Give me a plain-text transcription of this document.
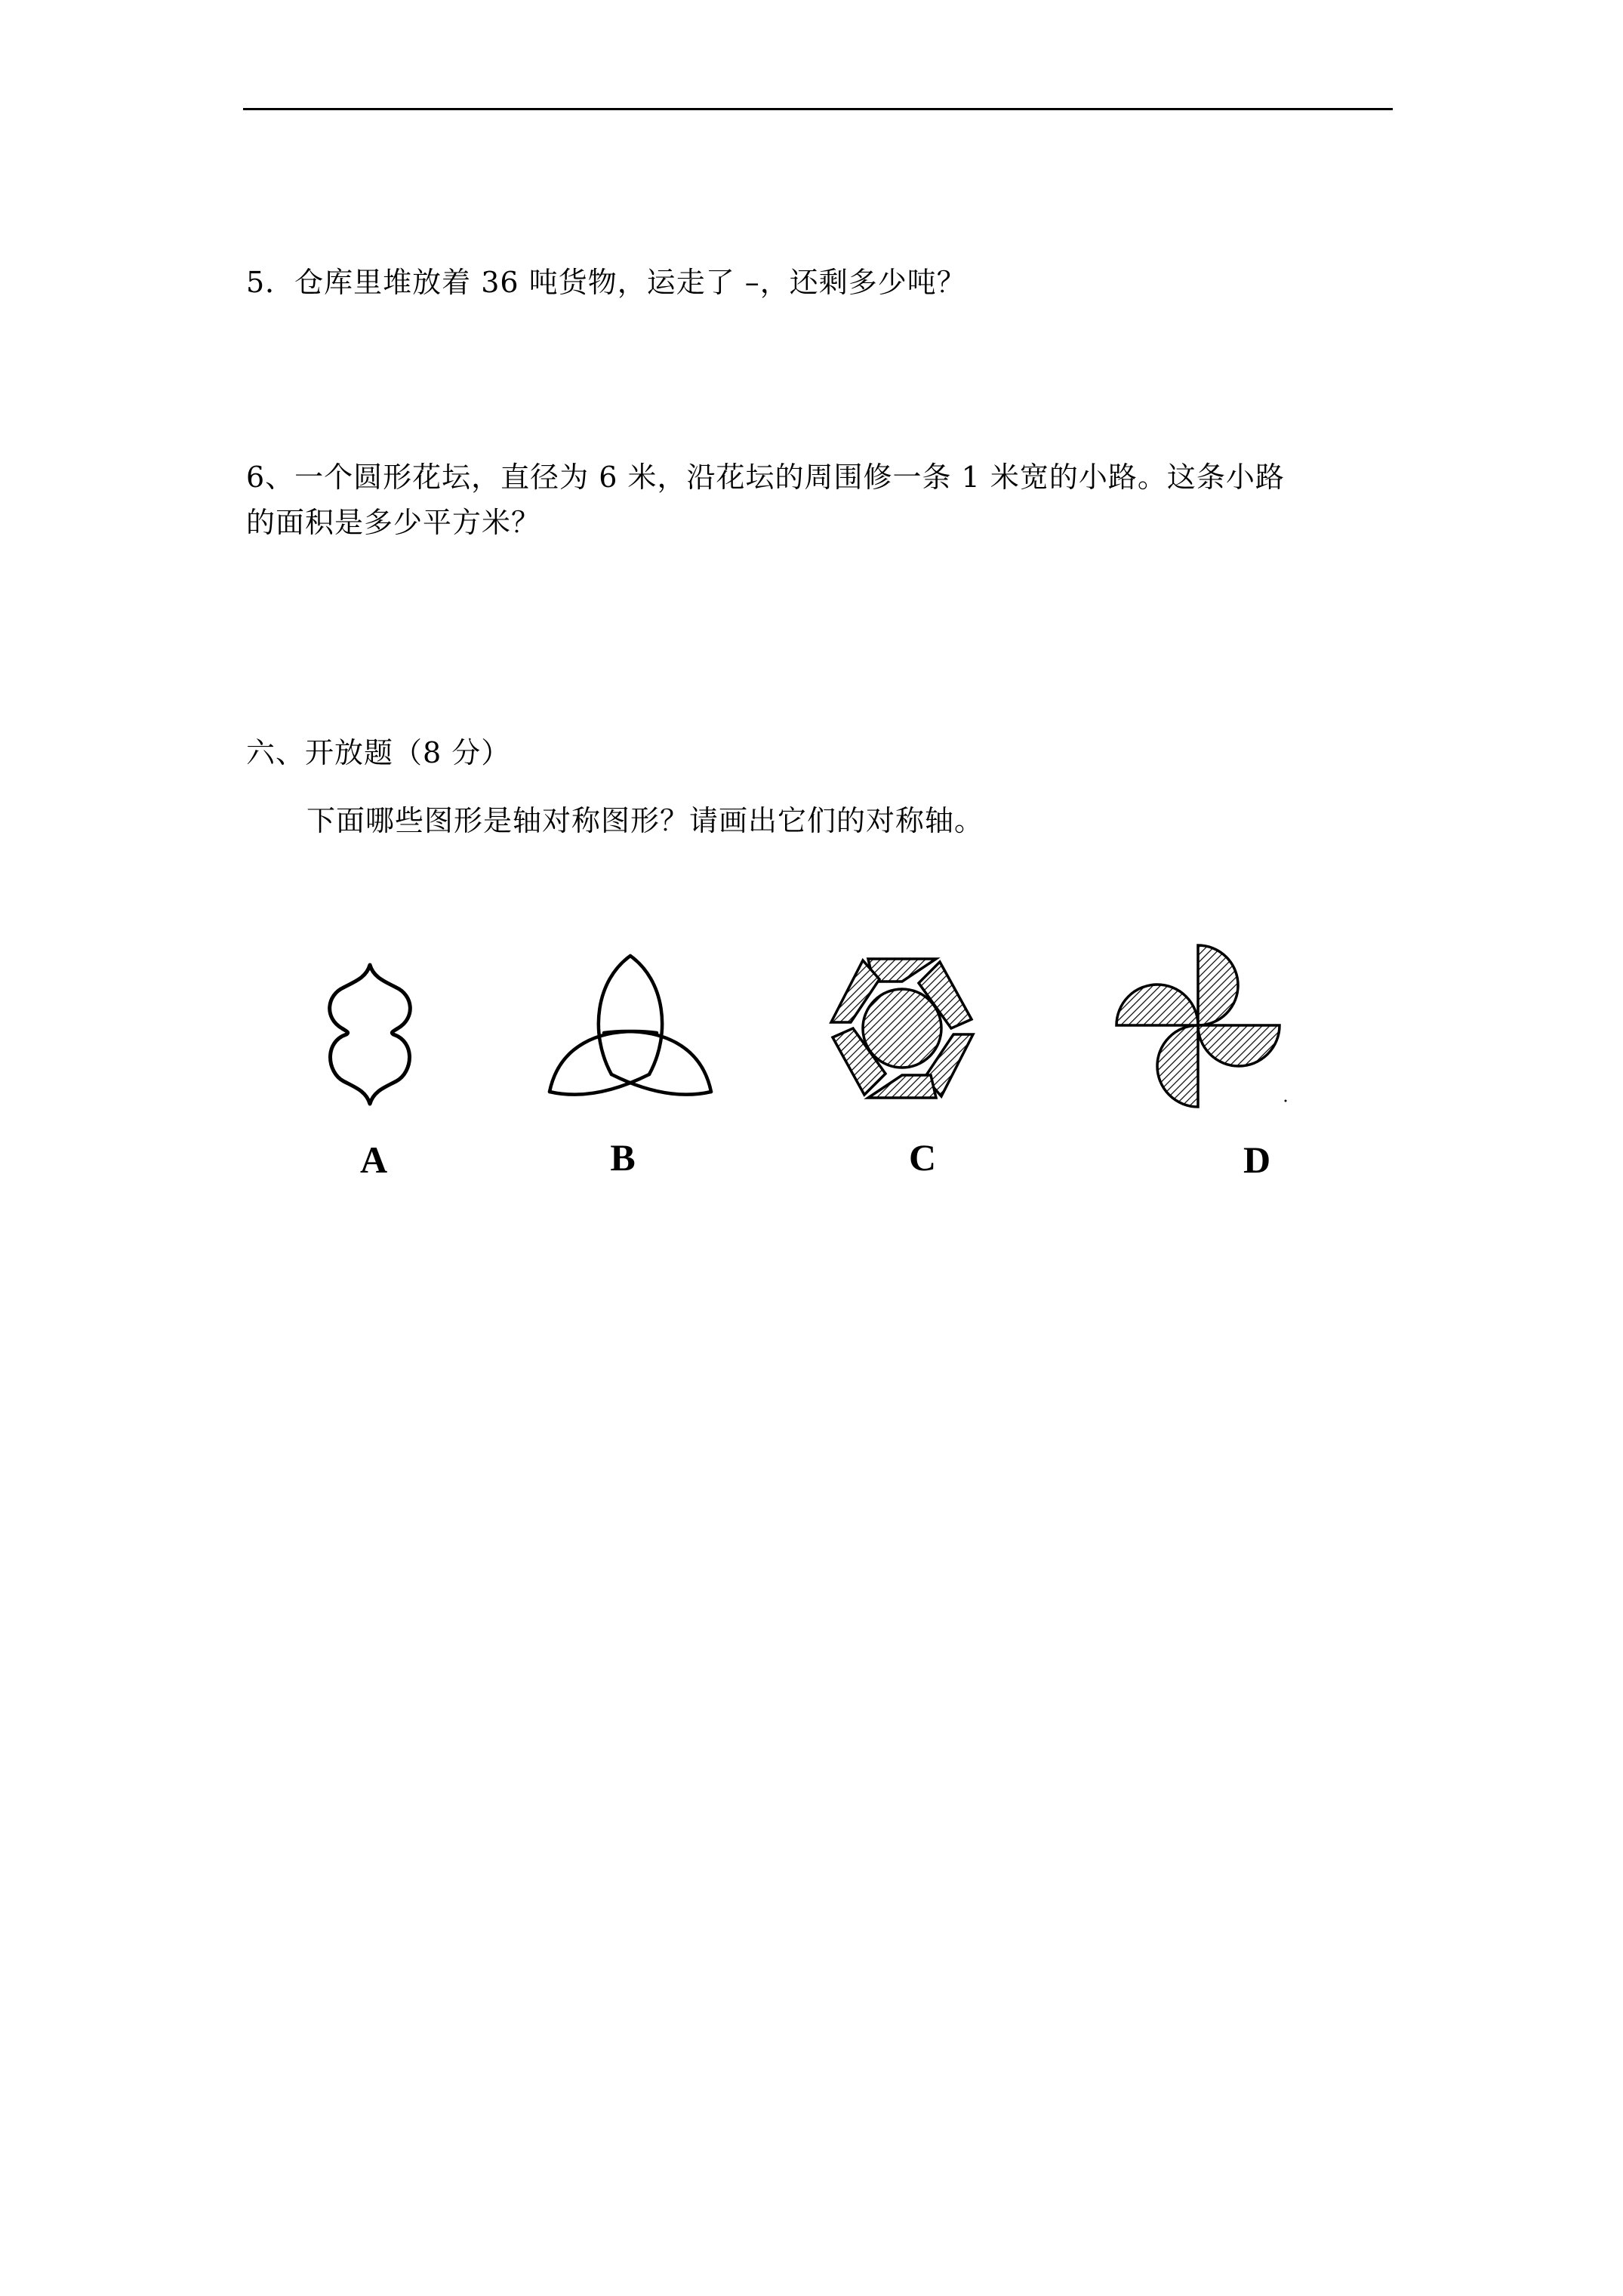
5．仓库里堆放着 36 吨货物，运走了 –，还剩多少吨？
6、一个圆形花坛，直径为 6 米，沿花坛的周围修一条 1 米宽的小路。这条小路
的面积是多少平方米？
六、开放题（8 分）
下面哪些图形是轴对称图形？请画出它们的对称轴。
A	B	C	D
